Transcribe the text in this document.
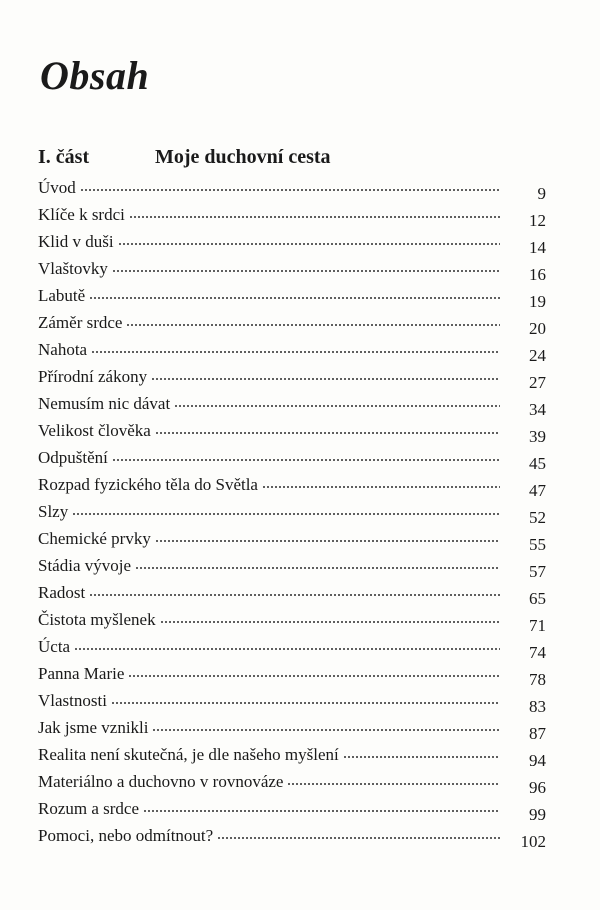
Obsah
I. část	Moje duchovní cesta
Úvod	9
Klíče k srdci	12
Klid v duši	14
Vlaštovky	16
Labutě	19
Záměr srdce	20
Nahota	24
Přírodní zákony	27
Nemusím nic dávat	34
Velikost člověka	39
Odpuštění	45
Rozpad fyzického těla do Světla	47
Slzy	52
Chemické prvky	55
Stádia vývoje	57
Radost	65
Čistota myšlenek	71
Úcta	74
Panna Marie	78
Vlastnosti	83
Jak jsme vznikli	87
Realita není skutečná, je dle našeho myšlení	94
Materiálno a duchovno v rovnováze	96
Rozum a srdce	99
Pomoci, nebo odmítnout?	102
